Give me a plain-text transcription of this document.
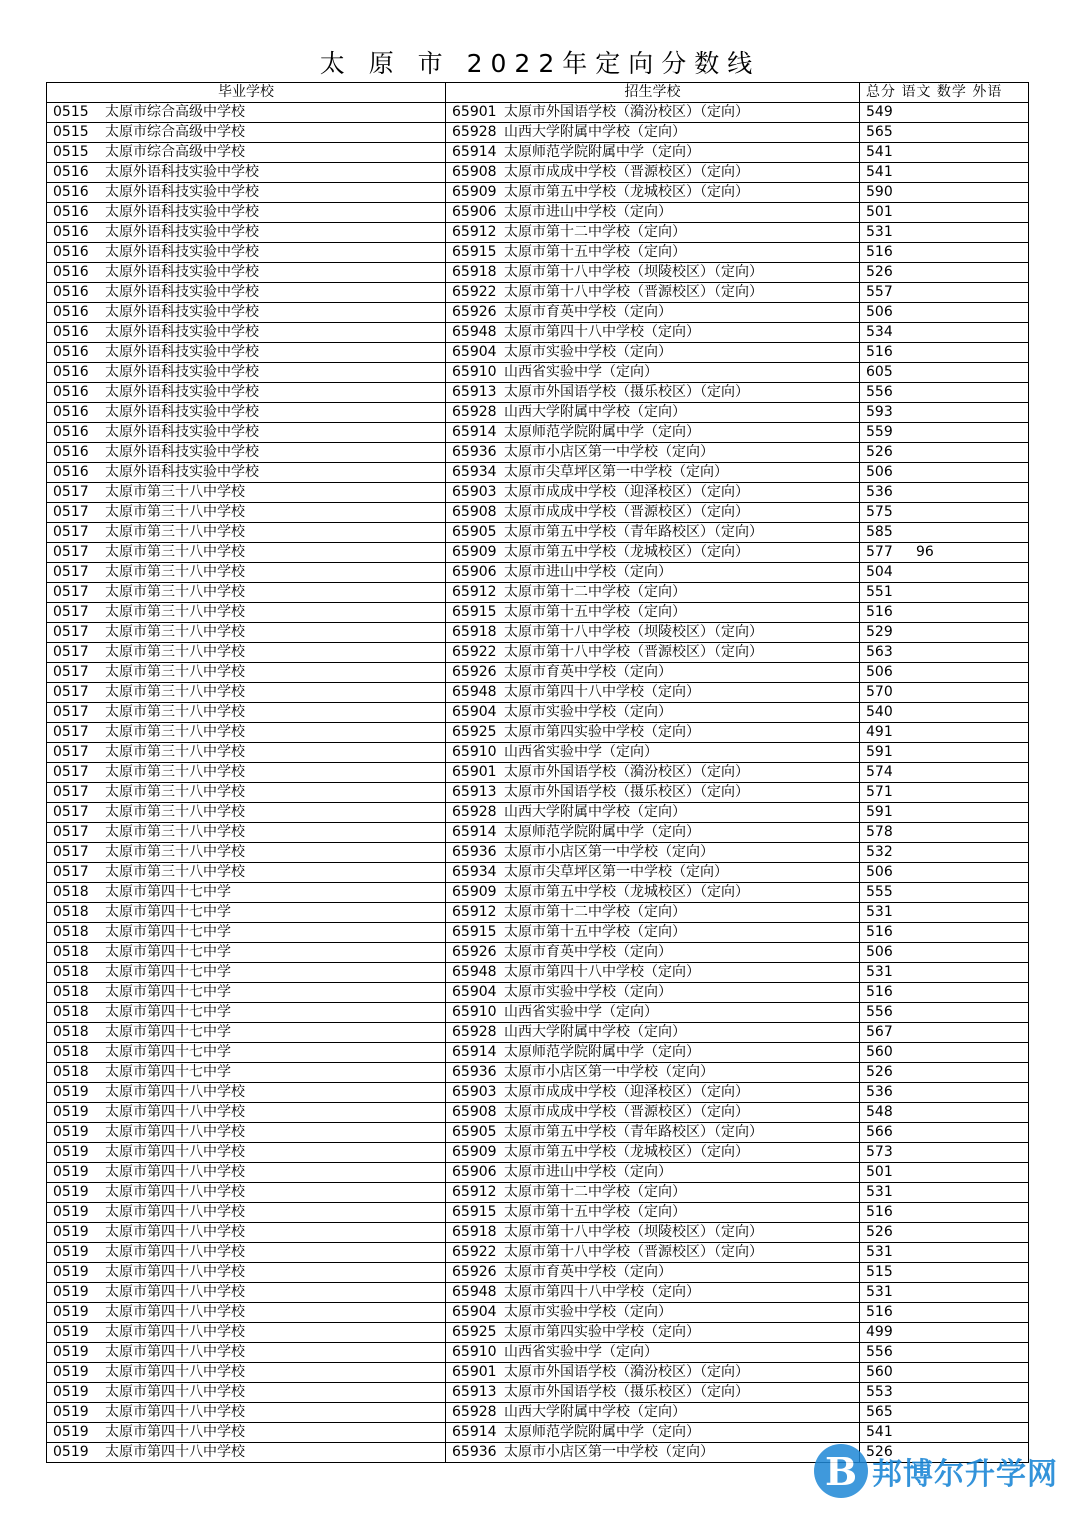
太 原 市 2022年定向分数线
毕业学校	招生学校	总分 语文 数学 外语
0515 太原市综合高级中学校	65901 太原市外国语学校（漪汾校区）（定向）	549
0515 太原市综合高级中学校	65928 山西大学附属中学校（定向）	565
0515 太原市综合高级中学校	65914 太原师范学院附属中学（定向）	541
0516 太原外语科技实验中学校	65908 太原市成成中学校（晋源校区）（定向）	541
0516 太原外语科技实验中学校	65909 太原市第五中学校（龙城校区）（定向）	590
0516 太原外语科技实验中学校	65906 太原市进山中学校（定向）	501
0516 太原外语科技实验中学校	65912 太原市第十二中学校（定向）	531
0516 太原外语科技实验中学校	65915 太原市第十五中学校（定向）	516
0516 太原外语科技实验中学校	65918 太原市第十八中学校（坝陵校区）（定向）	526
0516 太原外语科技实验中学校	65922 太原市第十八中学校（晋源校区）（定向）	557
0516 太原外语科技实验中学校	65926 太原市育英中学校（定向）	506
0516 太原外语科技实验中学校	65948 太原市第四十八中学校（定向）	534
0516 太原外语科技实验中学校	65904 太原市实验中学校（定向）	516
0516 太原外语科技实验中学校	65910 山西省实验中学（定向）	605
0516 太原外语科技实验中学校	65913 太原市外国语学校（摄乐校区）（定向）	556
0516 太原外语科技实验中学校	65928 山西大学附属中学校（定向）	593
0516 太原外语科技实验中学校	65914 太原师范学院附属中学（定向）	559
0516 太原外语科技实验中学校	65936 太原市小店区第一中学校（定向）	526
0516 太原外语科技实验中学校	65934 太原市尖草坪区第一中学校（定向）	506
0517 太原市第三十八中学校	65903 太原市成成中学校（迎泽校区）（定向）	536
0517 太原市第三十八中学校	65908 太原市成成中学校（晋源校区）（定向）	575
0517 太原市第三十八中学校	65905 太原市第五中学校（青年路校区）（定向）	585
0517 太原市第三十八中学校	65909 太原市第五中学校（龙城校区）（定向）	577 96
0517 太原市第三十八中学校	65906 太原市进山中学校（定向）	504
0517 太原市第三十八中学校	65912 太原市第十二中学校（定向）	551
0517 太原市第三十八中学校	65915 太原市第十五中学校（定向）	516
0517 太原市第三十八中学校	65918 太原市第十八中学校（坝陵校区）（定向）	529
0517 太原市第三十八中学校	65922 太原市第十八中学校（晋源校区）（定向）	563
0517 太原市第三十八中学校	65926 太原市育英中学校（定向）	506
0517 太原市第三十八中学校	65948 太原市第四十八中学校（定向）	570
0517 太原市第三十八中学校	65904 太原市实验中学校（定向）	540
0517 太原市第三十八中学校	65925 太原市第四实验中学校（定向）	491
0517 太原市第三十八中学校	65910 山西省实验中学（定向）	591
0517 太原市第三十八中学校	65901 太原市外国语学校（漪汾校区）（定向）	574
0517 太原市第三十八中学校	65913 太原市外国语学校（摄乐校区）（定向）	571
0517 太原市第三十八中学校	65928 山西大学附属中学校（定向）	591
0517 太原市第三十八中学校	65914 太原师范学院附属中学（定向）	578
0517 太原市第三十八中学校	65936 太原市小店区第一中学校（定向）	532
0517 太原市第三十八中学校	65934 太原市尖草坪区第一中学校（定向）	506
0518 太原市第四十七中学	65909 太原市第五中学校（龙城校区）（定向）	555
0518 太原市第四十七中学	65912 太原市第十二中学校（定向）	531
0518 太原市第四十七中学	65915 太原市第十五中学校（定向）	516
0518 太原市第四十七中学	65926 太原市育英中学校（定向）	506
0518 太原市第四十七中学	65948 太原市第四十八中学校（定向）	531
0518 太原市第四十七中学	65904 太原市实验中学校（定向）	516
0518 太原市第四十七中学	65910 山西省实验中学（定向）	556
0518 太原市第四十七中学	65928 山西大学附属中学校（定向）	567
0518 太原市第四十七中学	65914 太原师范学院附属中学（定向）	560
0518 太原市第四十七中学	65936 太原市小店区第一中学校（定向）	526
0519 太原市第四十八中学校	65903 太原市成成中学校（迎泽校区）（定向）	536
0519 太原市第四十八中学校	65908 太原市成成中学校（晋源校区）（定向）	548
0519 太原市第四十八中学校	65905 太原市第五中学校（青年路校区）（定向）	566
0519 太原市第四十八中学校	65909 太原市第五中学校（龙城校区）（定向）	573
0519 太原市第四十八中学校	65906 太原市进山中学校（定向）	501
0519 太原市第四十八中学校	65912 太原市第十二中学校（定向）	531
0519 太原市第四十八中学校	65915 太原市第十五中学校（定向）	516
0519 太原市第四十八中学校	65918 太原市第十八中学校（坝陵校区）（定向）	526
0519 太原市第四十八中学校	65922 太原市第十八中学校（晋源校区）（定向）	531
0519 太原市第四十八中学校	65926 太原市育英中学校（定向）	515
0519 太原市第四十八中学校	65948 太原市第四十八中学校（定向）	531
0519 太原市第四十八中学校	65904 太原市实验中学校（定向）	516
0519 太原市第四十八中学校	65925 太原市第四实验中学校（定向）	499
0519 太原市第四十八中学校	65910 山西省实验中学（定向）	556
0519 太原市第四十八中学校	65901 太原市外国语学校（漪汾校区）（定向）	560
0519 太原市第四十八中学校	65913 太原市外国语学校（摄乐校区）（定向）	553
0519 太原市第四十八中学校	65928 山西大学附属中学校（定向）	565
0519 太原市第四十八中学校	65914 太原师范学院附属中学（定向）	541
0519 太原市第四十八中学校	65936 太原市小店区第一中学校（定向）	526
B 邦博尔升学网
